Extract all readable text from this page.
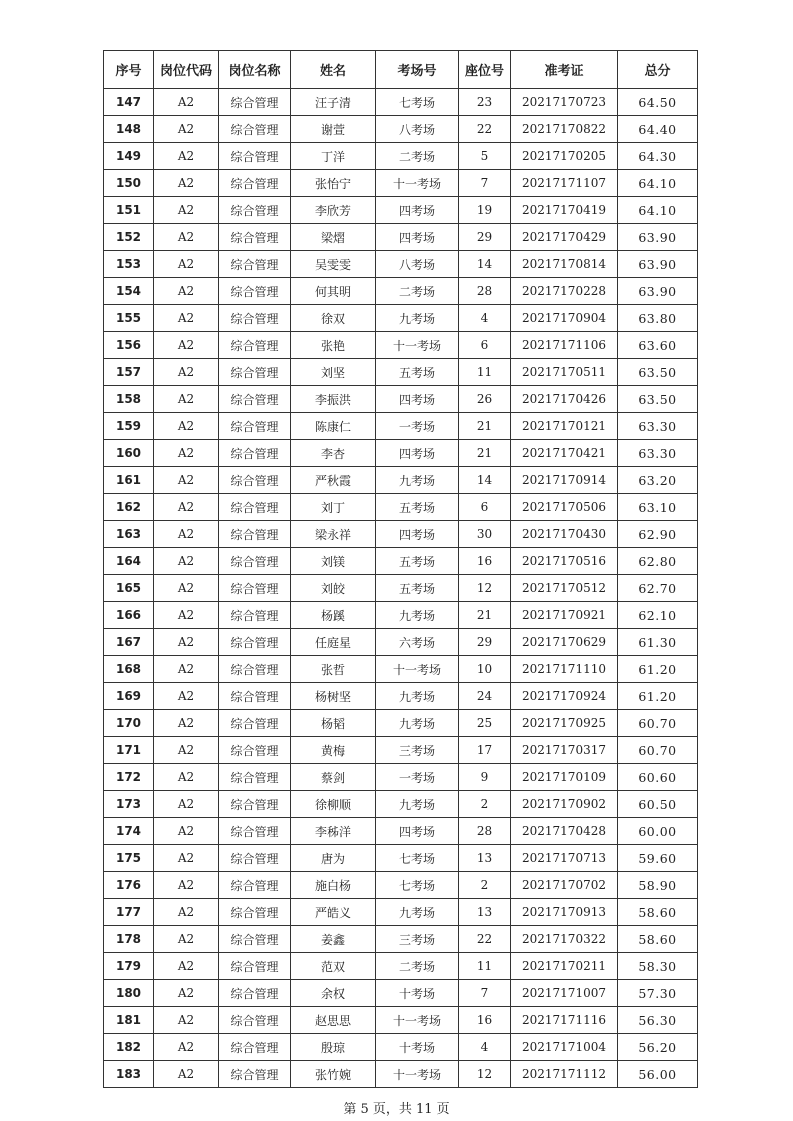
序号	岗位代码	岗位名称	姓名	考场号	座位号	准考证	总分
147	A2	综合管理	汪子清	七考场	23	20217170723	64.50
148	A2	综合管理	谢萱	八考场	22	20217170822	64.40
149	A2	综合管理	丁洋	二考场	5	20217170205	64.30
150	A2	综合管理	张怡宁	十一考场	7	20217171107	64.10
151	A2	综合管理	李欣芳	四考场	19	20217170419	64.10
152	A2	综合管理	梁熠	四考场	29	20217170429	63.90
153	A2	综合管理	吴雯雯	八考场	14	20217170814	63.90
154	A2	综合管理	何其明	二考场	28	20217170228	63.90
155	A2	综合管理	徐双	九考场	4	20217170904	63.80
156	A2	综合管理	张艳	十一考场	6	20217171106	63.60
157	A2	综合管理	刘坚	五考场	11	20217170511	63.50
158	A2	综合管理	李振洪	四考场	26	20217170426	63.50
159	A2	综合管理	陈康仁	一考场	21	20217170121	63.30
160	A2	综合管理	李杏	四考场	21	20217170421	63.30
161	A2	综合管理	严秋霞	九考场	14	20217170914	63.20
162	A2	综合管理	刘丁	五考场	6	20217170506	63.10
163	A2	综合管理	梁永祥	四考场	30	20217170430	62.90
164	A2	综合管理	刘镁	五考场	16	20217170516	62.80
165	A2	综合管理	刘皎	五考场	12	20217170512	62.70
166	A2	综合管理	杨蹊	九考场	21	20217170921	62.10
167	A2	综合管理	任庭星	六考场	29	20217170629	61.30
168	A2	综合管理	张哲	十一考场	10	20217171110	61.20
169	A2	综合管理	杨树坚	九考场	24	20217170924	61.20
170	A2	综合管理	杨韬	九考场	25	20217170925	60.70
171	A2	综合管理	黄梅	三考场	17	20217170317	60.70
172	A2	综合管理	蔡剑	一考场	9	20217170109	60.60
173	A2	综合管理	徐柳顺	九考场	2	20217170902	60.50
174	A2	综合管理	李秭洋	四考场	28	20217170428	60.00
175	A2	综合管理	唐为	七考场	13	20217170713	59.60
176	A2	综合管理	施白杨	七考场	2	20217170702	58.90
177	A2	综合管理	严皓义	九考场	13	20217170913	58.60
178	A2	综合管理	姜鑫	三考场	22	20217170322	58.60
179	A2	综合管理	范双	二考场	11	20217170211	58.30
180	A2	综合管理	余权	十考场	7	20217171007	57.30
181	A2	综合管理	赵思思	十一考场	16	20217171116	56.30
182	A2	综合管理	殷琼	十考场	4	20217171004	56.20
183	A2	综合管理	张竹婉	十一考场	12	20217171112	56.00
第 5 页，共 11 页
